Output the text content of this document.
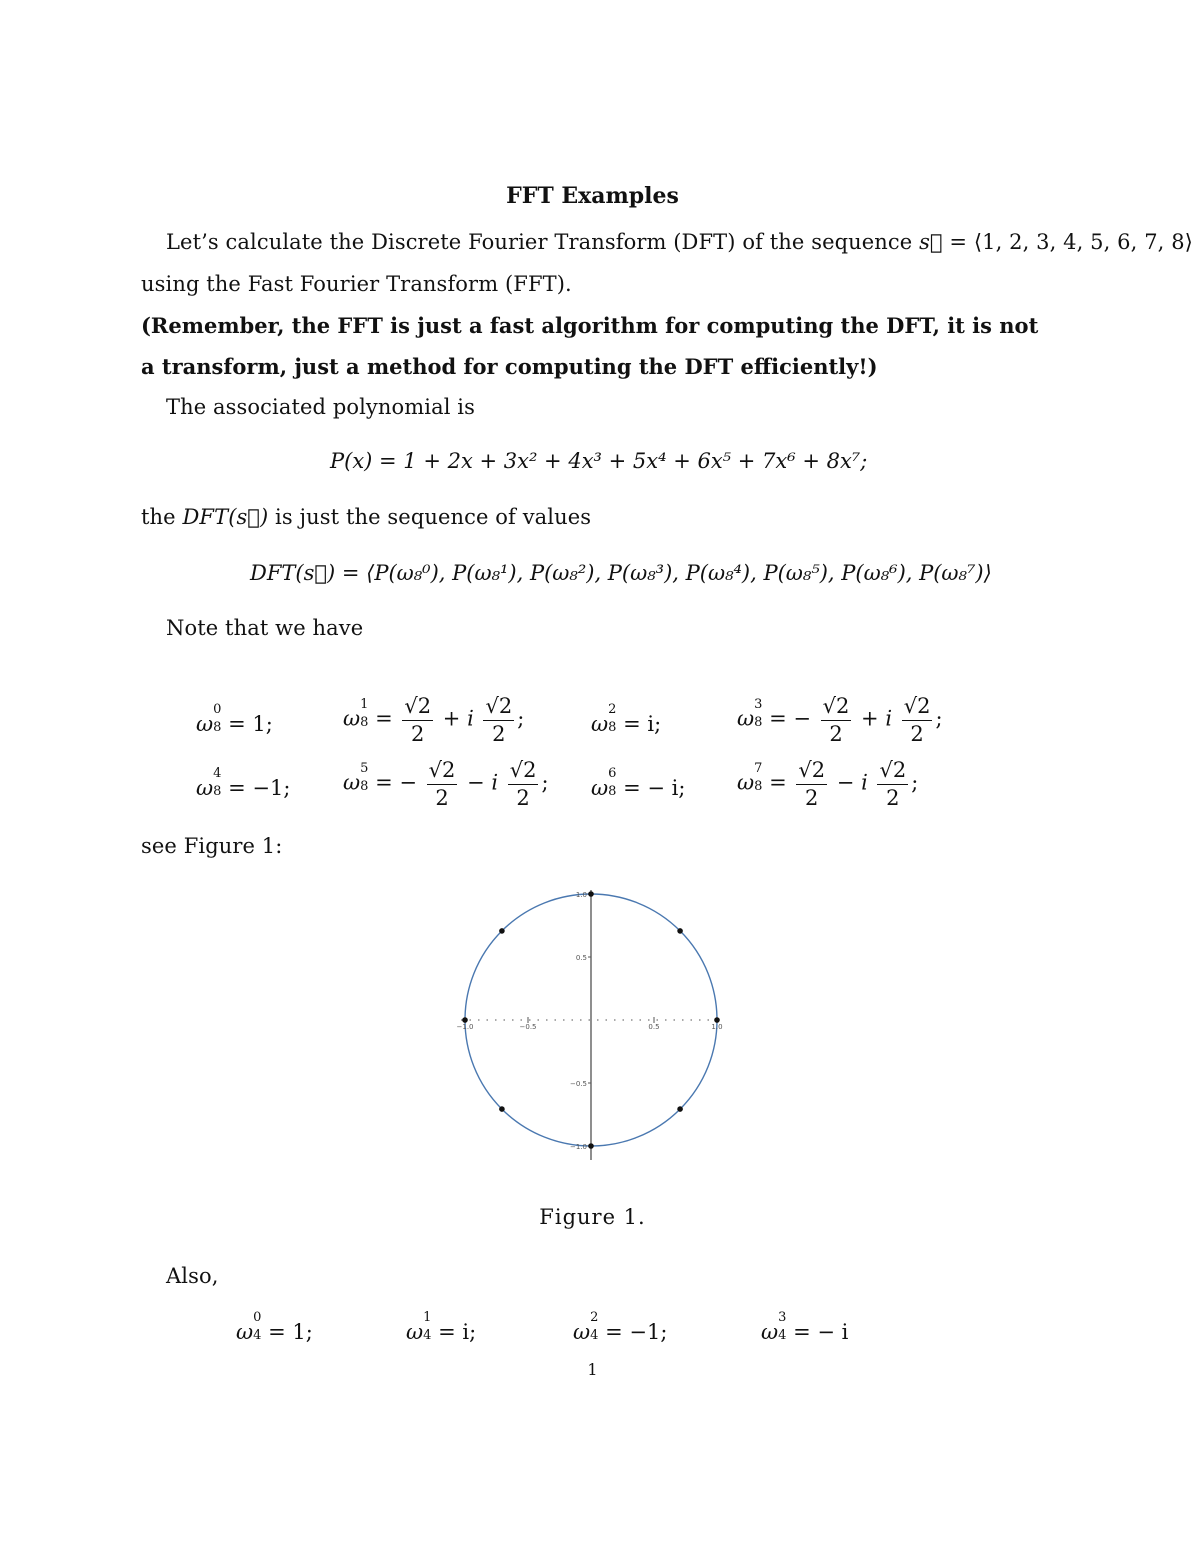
FFT Examples
Let’s calculate the Discrete Fourier Transform (DFT) of the sequence s⃗ = ⟨1, 2, 3, 4, 5, 6, 7, 8⟩
using the Fast Fourier Transform (FFT).
(Remember, the FFT is just a fast algorithm for computing the DFT, it is not
a transform, just a method for computing the DFT efficiently!)
The associated polynomial is
P(x) = 1 + 2x + 3x² + 4x³ + 5x⁴ + 6x⁵ + 7x⁶ + 8x⁷;
the DFT(s⃗) is just the sequence of values
DFT(s⃗) = ⟨P(ω₈⁰), P(ω₈¹), P(ω₈²), P(ω₈³), P(ω₈⁴), P(ω₈⁵), P(ω₈⁶), P(ω₈⁷)⟩
Note that we have
ω
0
8 = 1;	ω
1
$8 = \frac{√2}{2} + i \frac{√2}{2}$ ;	ω
2
8 = i;	ω
3
8 = − $\frac{√2}{2} + i \frac{√2}{2}$ ;
ω
4
8 = −1;	ω
5
8 = − $\frac{√2}{2} - i \frac{√2}{2}$ ; ω
6
8 = − i; ω
7
$8 = \frac{√2}{2} - i \frac{√2}{2}$ ;
see Figure 1:
−1.0	−0.5	0.5	1.0
1.0
0.5
−0.5
−1.0
Figure 1.
Also,
ω
0
4 = 1;	ω
1
4 = i;	ω
2
4 = −1;	ω
3
4 = − i
1
